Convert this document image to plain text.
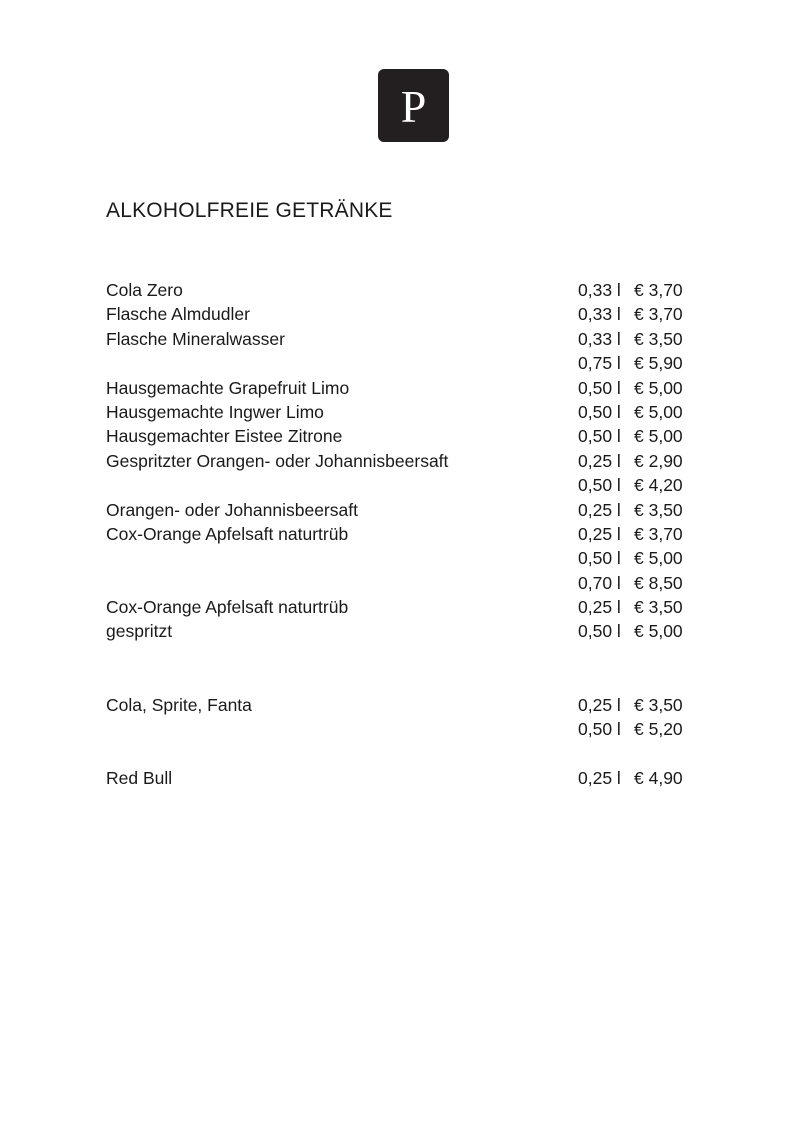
P
ALKOHOLFREIE GETRÄNKE
Cola Zero	0,33 l € 3,70
Flasche Almdudler	0,33 l € 3,70
Flasche Mineralwasser	0,33 l € 3,50
0,75 l € 5,90
Hausgemachte Grapefruit Limo	0,50 l € 5,00
Hausgemachte Ingwer Limo	0,50 l € 5,00
Hausgemachter Eistee Zitrone	0,50 l € 5,00
Gespritzter Orangen- oder Johannisbeersaft	0,25 l € 2,90
0,50 l € 4,20
Orangen- oder Johannisbeersaft	0,25 l € 3,50
Cox-Orange Apfelsaft naturtrüb	0,25 l € 3,70
0,50 l € 5,00
0,70 l € 8,50
Cox-Orange Apfelsaft naturtrüb	0,25 l € 3,50
gespritzt	0,50 l € 5,00
Cola, Sprite, Fanta	0,25 l € 3,50
0,50 l € 5,20
Red Bull	0,25 l € 4,90
